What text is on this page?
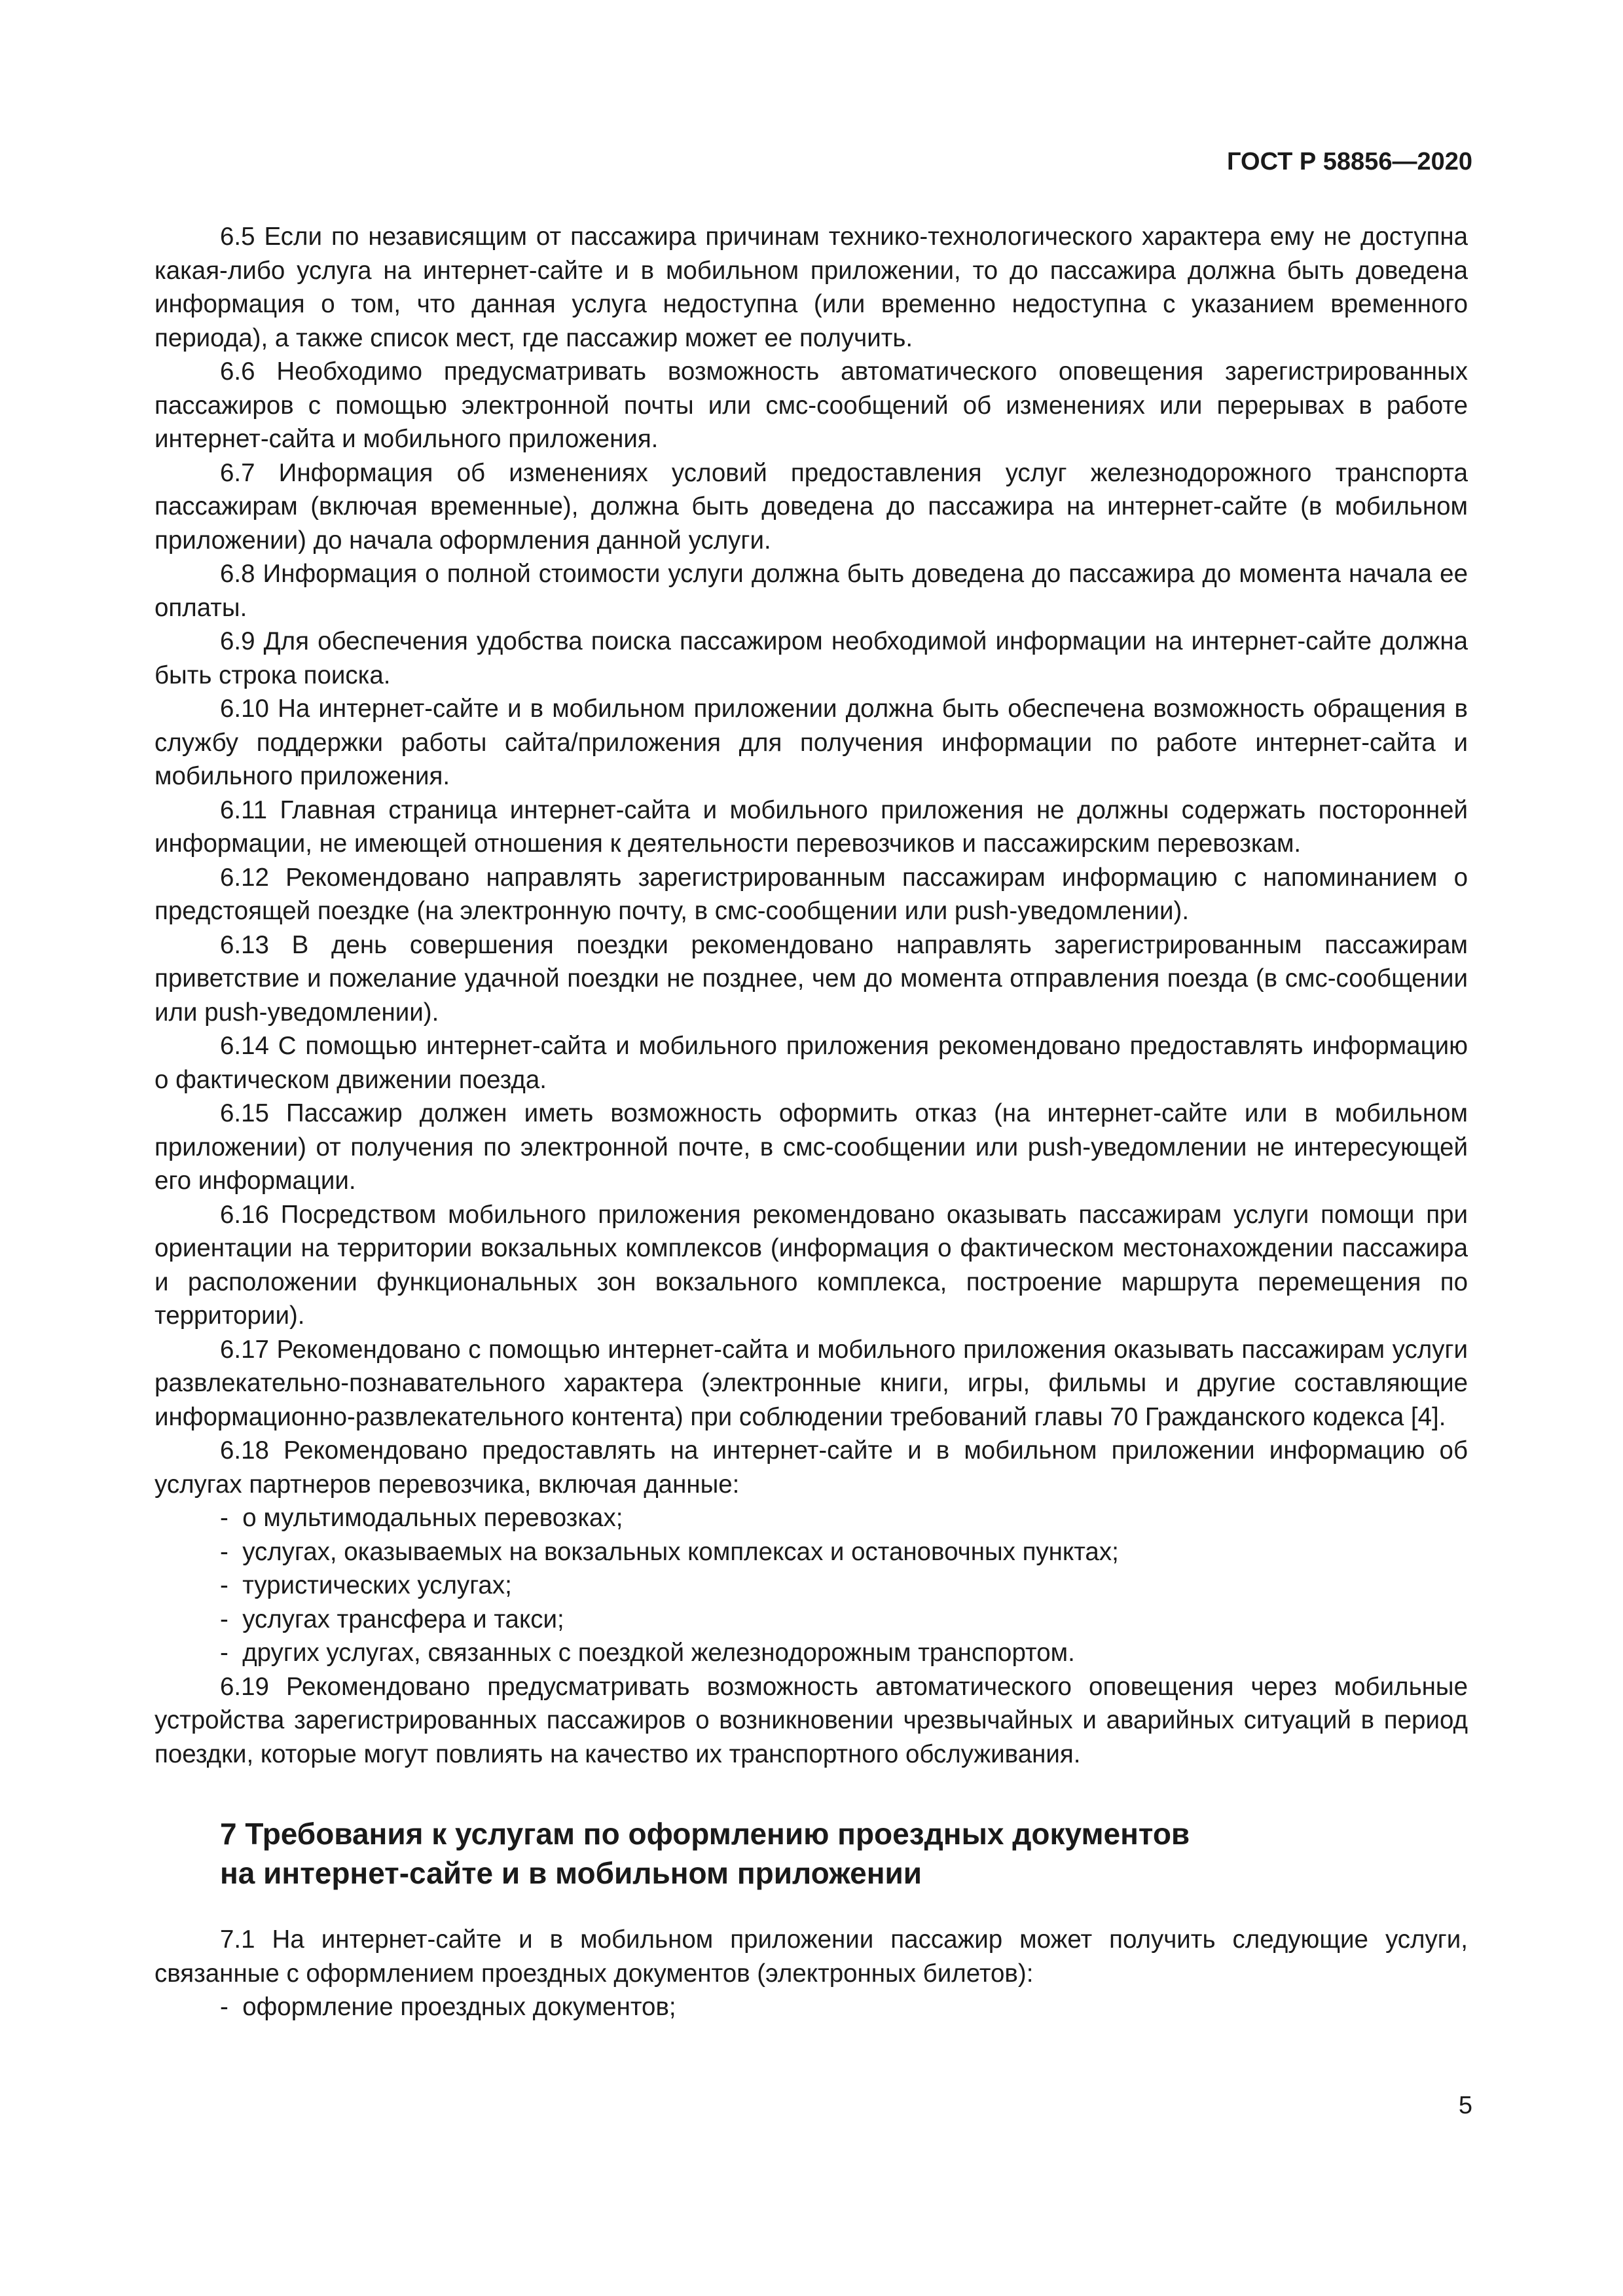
ГОСТ Р 58856—2020

6.5 Если по независящим от пассажира причинам технико-технологического характера ему не доступна какая-либо услуга на интернет-сайте и в мобильном приложении, то до пассажира должна быть доведена информация о том, что данная услуга недоступна (или временно недоступна с указанием временного периода), а также список мест, где пассажир может ее получить.

6.6 Необходимо предусматривать возможность автоматического оповещения зарегистрированных пассажиров с помощью электронной почты или смс-сообщений об изменениях или перерывах в работе интернет-сайта и мобильного приложения.

6.7 Информация об изменениях условий предоставления услуг железнодорожного транспорта пассажирам (включая временные), должна быть доведена до пассажира на интернет-сайте (в мобильном приложении) до начала оформления данной услуги.

6.8 Информация о полной стоимости услуги должна быть доведена до пассажира до момента начала ее оплаты.

6.9 Для обеспечения удобства поиска пассажиром необходимой информации на интернет-сайте должна быть строка поиска.

6.10 На интернет-сайте и в мобильном приложении должна быть обеспечена возможность обращения в службу поддержки работы сайта/приложения для получения информации по работе интернет-сайта и мобильного приложения.

6.11 Главная страница интернет-сайта и мобильного приложения не должны содержать посторонней информации, не имеющей отношения к деятельности перевозчиков и пассажирским перевозкам.

6.12 Рекомендовано направлять зарегистрированным пассажирам информацию с напоминанием о предстоящей поездке (на электронную почту, в смс-сообщении или push-уведомлении).

6.13 В день совершения поездки рекомендовано направлять зарегистрированным пассажирам приветствие и пожелание удачной поездки не позднее, чем до момента отправления поезда (в смс-сообщении или push-уведомлении).

6.14 С помощью интернет-сайта и мобильного приложения рекомендовано предоставлять информацию о фактическом движении поезда.

6.15 Пассажир должен иметь возможность оформить отказ (на интернет-сайте или в мобильном приложении) от получения по электронной почте, в смс-сообщении или push-уведомлении не интересующей его информации.

6.16 Посредством мобильного приложения рекомендовано оказывать пассажирам услуги помощи при ориентации на территории вокзальных комплексов (информация о фактическом местонахождении пассажира и расположении функциональных зон вокзального комплекса, построение маршрута перемещения по территории).

6.17 Рекомендовано с помощью интернет-сайта и мобильного приложения оказывать пассажирам услуги развлекательно-познавательного характера (электронные книги, игры, фильмы и другие составляющие информационно-развлекательного контента) при соблюдении требований главы 70 Гражданского кодекса [4].

6.18 Рекомендовано предоставлять на интернет-сайте и в мобильном приложении информацию об услугах партнеров перевозчика, включая данные:

-  о мультимодальных перевозках;
-  услугах, оказываемых на вокзальных комплексах и остановочных пунктах;
-  туристических услугах;
-  услугах трансфера и такси;
-  других услугах, связанных с поездкой железнодорожным транспортом.

6.19 Рекомендовано предусматривать возможность автоматического оповещения через мобильные устройства зарегистрированных пассажиров о возникновении чрезвычайных и аварийных ситуаций в период поездки, которые могут повлиять на качество их транспортного обслуживания.

7 Требования к услугам по оформлению проездных документов
на интернет-сайте и в мобильном приложении

7.1 На интернет-сайте и в мобильном приложении пассажир может получить следующие услуги, связанные с оформлением проездных документов (электронных билетов):

-  оформление проездных документов;
5
